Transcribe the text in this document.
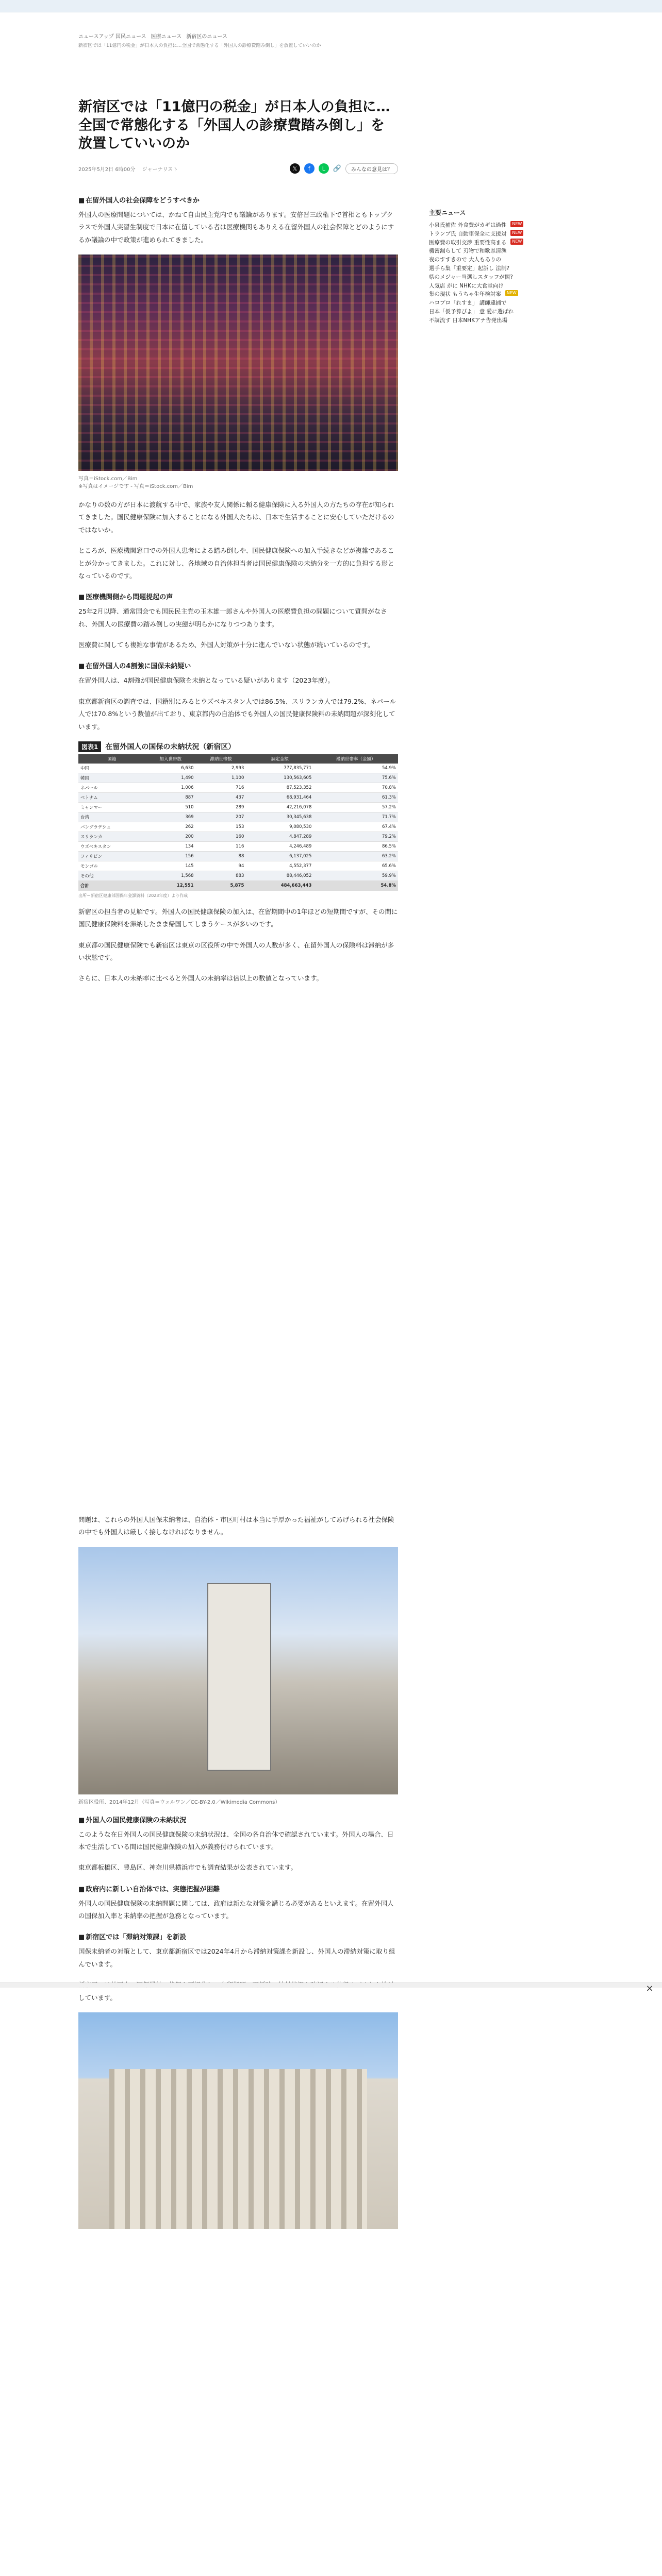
ニュースアップ 国民ニュース 医療ニュース 新宿区のニュース
新宿区では「11億円の税金」が日本人の負担に…全国で常態化する「外国人の診療費踏み倒し」を放置していいのか
新宿区では「11億円の税金」が日本人の負担に…全国で常態化する「外国人の診療費踏み倒し」を放置していいのか
2025年5月2日 6時00分 ジャーナリスト	𝕏	f	L	🔗	みんなの意見は？
■ 在留外国人の社会保障をどうすべきか

外国人の医療問題については、かねて自由民主党内でも議論があります。安倍晋三政権下で首相ともトップクラスで外国人実習生制度で日本に在留している者は医療機関もありえる在留外国人の社会保障とどのようにするか議論の中で政策が進められてきました。

写真＝iStock.com／Bim
※写真はイメージです - 写真＝iStock.com／Bim

かなりの数の方が日本に渡航する中で、家族や友人関係に頼る健康保険に入る外国人の方たちの存在が知られてきました。国民健康保険に加入することになる外国人たちは、日本で生活することに安心していただけるのではないか。

ところが、医療機関窓口での外国人患者による踏み倒しや、国民健康保険への加入手続きなどが複雑であることが分かってきました。これに対し、各地域の自治体担当者は国民健康保険の未納分を一方的に負担する形となっているのです。

■ 医療機関側から問題提起の声

25年2月以降、通常国会でも国民民主党の玉木雄一郎さんや外国人の医療費負担の問題について質問がなされ、外国人の医療費の踏み倒しの実態が明らかになりつつあります。

医療費に関しても複雑な事情があるため、外国人対策が十分に進んでいない状態が続いているのです。

■ 在留外国人の4割強に国保未納疑い

在留外国人は、4割強が国民健康保険を未納となっている疑いがあります（2023年度）。

東京都新宿区の調査では、国籍別にみるとウズベキスタン人では86.5%、スリランカ人では79.2%、ネパール人では70.8%という数値が出ており、東京都内の自治体でも外国人の国民健康保険料の未納問題が深刻化しています。

図表1	在留外国人の国保の未納状況（新宿区）
国籍	加入世帯数	滞納世帯数	調定金額	滞納世帯率（金額）
中国	6,630	2,993	777,835,771	54.9%
韓国	1,490	1,100	130,563,605	75.6%
ネパール	1,006	716	87,523,352	70.8%
ベトナム	887	437	68,931,464	61.3%
ミャンマー	510	289	42,216,078	57.2%
台湾	369	207	30,345,638	71.7%
バングラデシュ	262	153	9,080,530	67.4%
スリランカ	200	160	4,847,289	79.2%
ウズベキスタン	134	116	4,246,489	86.5%
フィリピン	156	88	6,137,025	63.2%
モンゴル	145	94	4,552,377	65.6%
その他	1,568	883	88,446,052	59.9%
合計	12,551	5,875	484,663,443	54.8%
出所＝新宿区健康部国保年金課資料（2023年度）より作成

新宿区の担当者の見解です。外国人の国民健康保険の加入は、在留期間中の1年ほどの短期間ですが、その間に国民健康保険料を滞納したまま帰国してしまうケースが多いのです。

東京都の国民健康保険でも新宿区は東京の区役所の中で外国人の人数が多く、在留外国人の保険料は滞納が多い状態です。

さらに、日本人の未納率に比べると外国人の未納率は倍以上の数値となっています。

問題は、これらの外国人国保未納者は、自治体・市区町村は本当に手厚かった福祉がしてあげられる社会保険の中でも外国人は厳しく接しなければなりません。

新宿区役所、2014年12月（写真＝ウェルワン／CC-BY-2.0／Wikimedia Commons）
■ 外国人の国民健康保険の未納状況

このような在日外国人の国民健康保険の未納状況は、全国の各自治体で確認されています。外国人の場合、日本で生活している間は国民健康保険の加入が義務付けられています。

東京都板橋区、豊島区、神奈川県横浜市でも調査結果が公表されています。

■ 政府内に新しい自治体では、実態把握が困難

外国人の国民健康保険の未納問題に関しては、政府は新たな対策を講じる必要があるといえます。在留外国人の国保加入率と未納率の把握が急務となっています。

■ 新宿区では「滞納対策課」を新設

国保未納者の対策として、東京都新宿区では2024年4月から滞納対策課を新設し、外国人の滞納対策に取り組んでいます。

しています。

主要ニュース
小泉氏補佐 外食費がカギは過性	NEW
トランプ氏 自動車保全に支援対	NEW
医療費の取引交渉 重要性高まる	NEW
機密漏らして 刃物で和歌県清漁
夜のすすきので 大人もありの
選手ら集「重要定」起訴し 法制?
県のメジャー当選しスタッフが関?
人気店 がに NHKに大食堂向け
集の現状 もうちゃ生年検討案	NEW
ハロプロ「れすま」 講師逮捕で
日本「仮予算ぴよ」 意 愛に選ばれ
不調流す 日本NHKアナ告発出場
×
